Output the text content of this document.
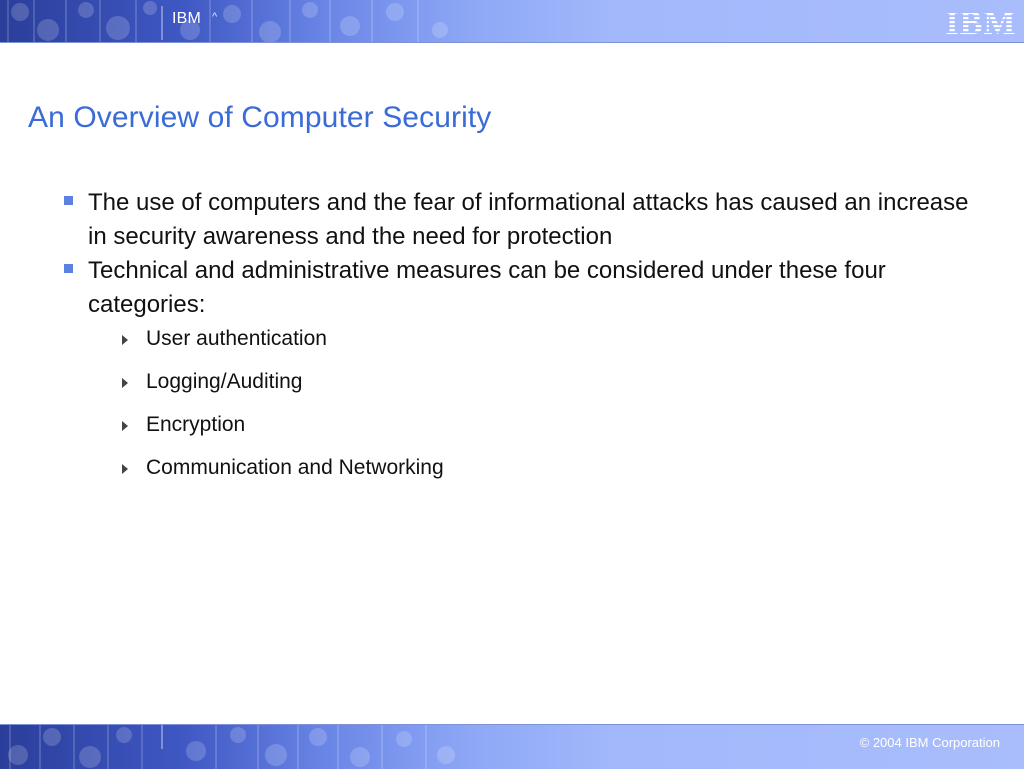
IBM ^	IBM
An Overview of Computer Security
The use of computers and the fear of informational attacks has caused an increase in security awareness and the need for protection
Technical and administrative measures can be considered under these four categories:
User authentication
Logging/Auditing
Encryption
Communication and Networking
© 2004 IBM Corporation
